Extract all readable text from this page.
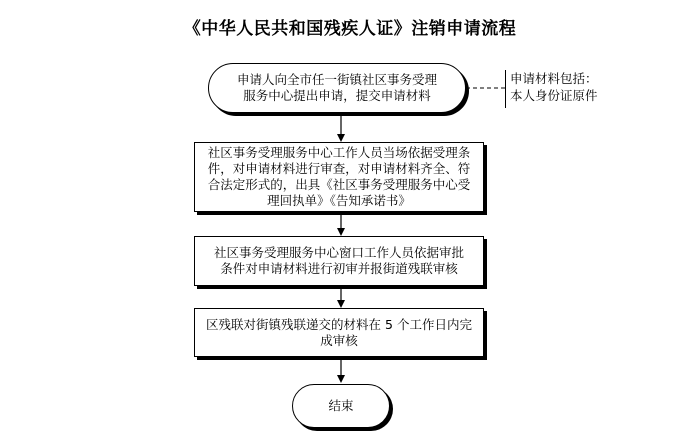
《中华人民共和国残疾人证》注销申请流程
申请人向全市任一街镇社区事务受理
服务中心提出申请，提交申请材料
申请材料包括：
本人身份证原件
社区事务受理服务中心工作人员当场依据受理条
件，对申请材料进行审查，对申请材料齐全、符
合法定形式的，出具《社区事务受理服务中心受
理回执单》《告知承诺书》
社区事务受理服务中心窗口工作人员依据审批
条件对申请材料进行初审并报街道残联审核
区残联对街镇残联递交的材料在 5 个工作日内完
成审核
结束
